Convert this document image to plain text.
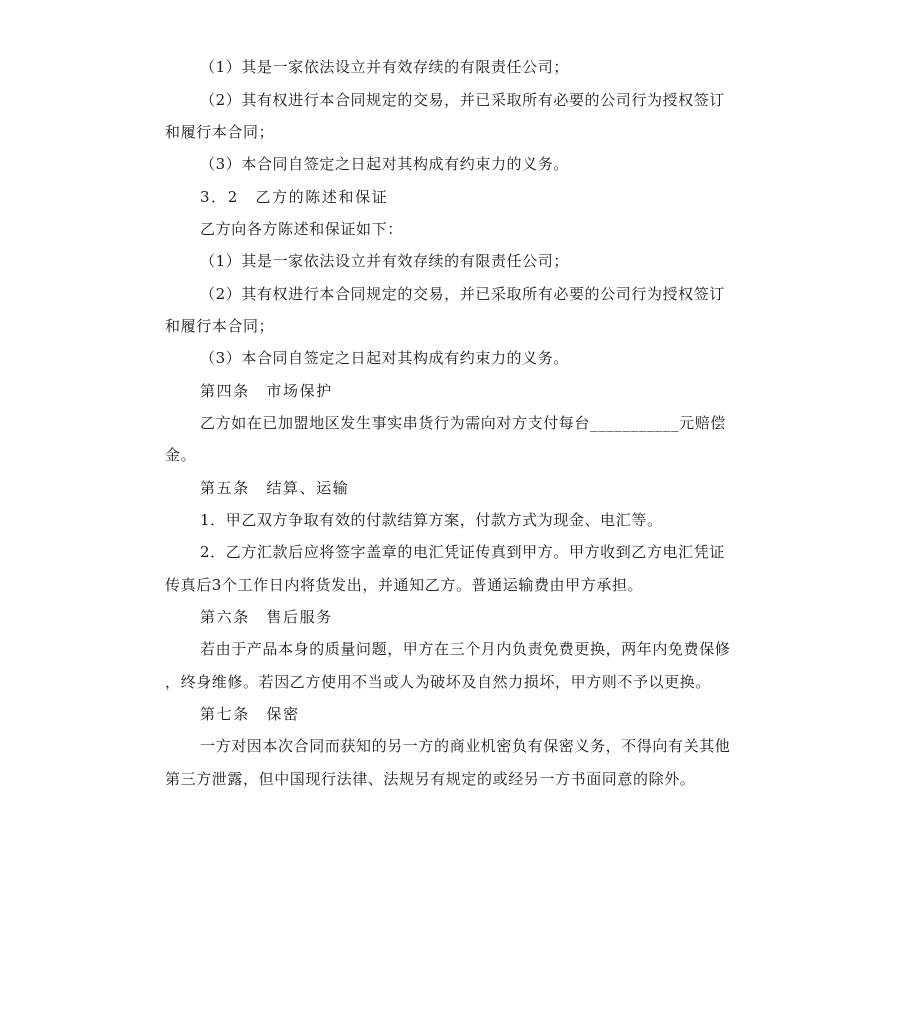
（1）其是一家依法设立并有效存续的有限责任公司；
（2）其有权进行本合同规定的交易，并已采取所有必要的公司行为授权签订
和履行本合同；
（3）本合同自签定之日起对其构成有约束力的义务。
3．2　乙方的陈述和保证
乙方向各方陈述和保证如下：
（1）其是一家依法设立并有效存续的有限责任公司；
（2）其有权进行本合同规定的交易，并已采取所有必要的公司行为授权签订
和履行本合同；
（3）本合同自签定之日起对其构成有约束力的义务。
第四条　市场保护
乙方如在已加盟地区发生事实串货行为需向对方支付每台___________元赔偿
金。
第五条　结算、运输
1．甲乙双方争取有效的付款结算方案，付款方式为现金、电汇等。
2．乙方汇款后应将签字盖章的电汇凭证传真到甲方。甲方收到乙方电汇凭证
传真后3个工作日内将货发出，并通知乙方。普通运输费由甲方承担。
第六条　售后服务
若由于产品本身的质量问题，甲方在三个月内负责免费更换，两年内免费保修
，终身维修。若因乙方使用不当或人为破坏及自然力损坏，甲方则不予以更换。
第七条　保密
一方对因本次合同而获知的另一方的商业机密负有保密义务，不得向有关其他
第三方泄露，但中国现行法律、法规另有规定的或经另一方书面同意的除外。
